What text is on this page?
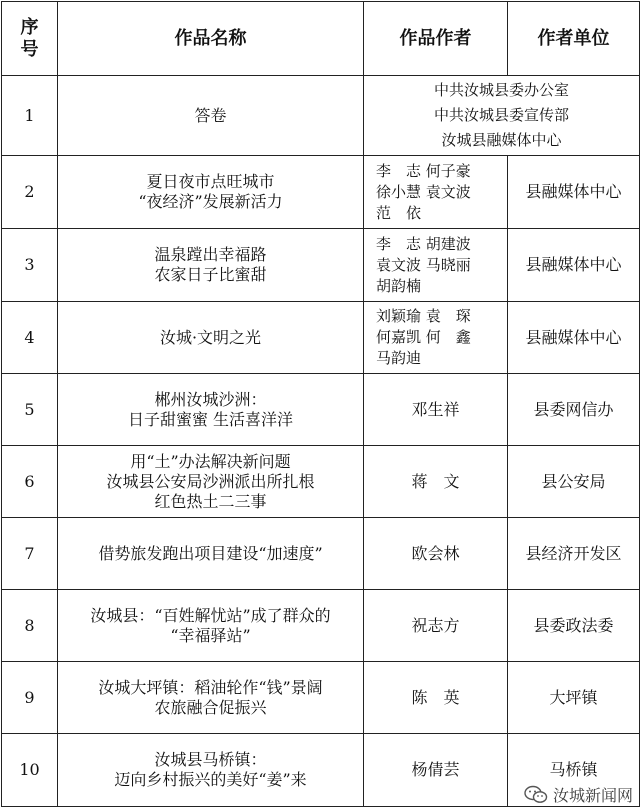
序
号	作品名称	作品作者	作者单位
1	答卷	中共汝城县委办公室
中共汝城县委宣传部
汝城县融媒体中心	
2	夏日夜市点旺城市
“夜经济”发展新活力	李　志 何子豪
徐小慧 袁文波
范　依	县融媒体中心
3	温泉蹚出幸福路
农家日子比蜜甜	李　志 胡建波
袁文波 马晓丽
胡韵楠	县融媒体中心
4	汝城·文明之光	刘颖瑜 袁　琛
何嘉凯 何　鑫
马韵迪	县融媒体中心
5	郴州汝城沙洲：
日子甜蜜蜜 生活喜洋洋	邓生祥	县委网信办
6	用“土”办法解决新问题
汝城县公安局沙洲派出所扎根
红色热土二三事	蒋　文	县公安局
7	借势旅发跑出项目建设“加速度”	欧会林	县经济开发区
8	汝城县：“百姓解忧站”成了群众的
“幸福驿站”	祝志方	县委政法委
9	汝城大坪镇：稻油轮作“钱”景阔
农旅融合促振兴	陈　英	大坪镇
10	汝城县马桥镇：
迈向乡村振兴的美好“姜”来	杨倩芸	马桥镇
汝城新闻网
